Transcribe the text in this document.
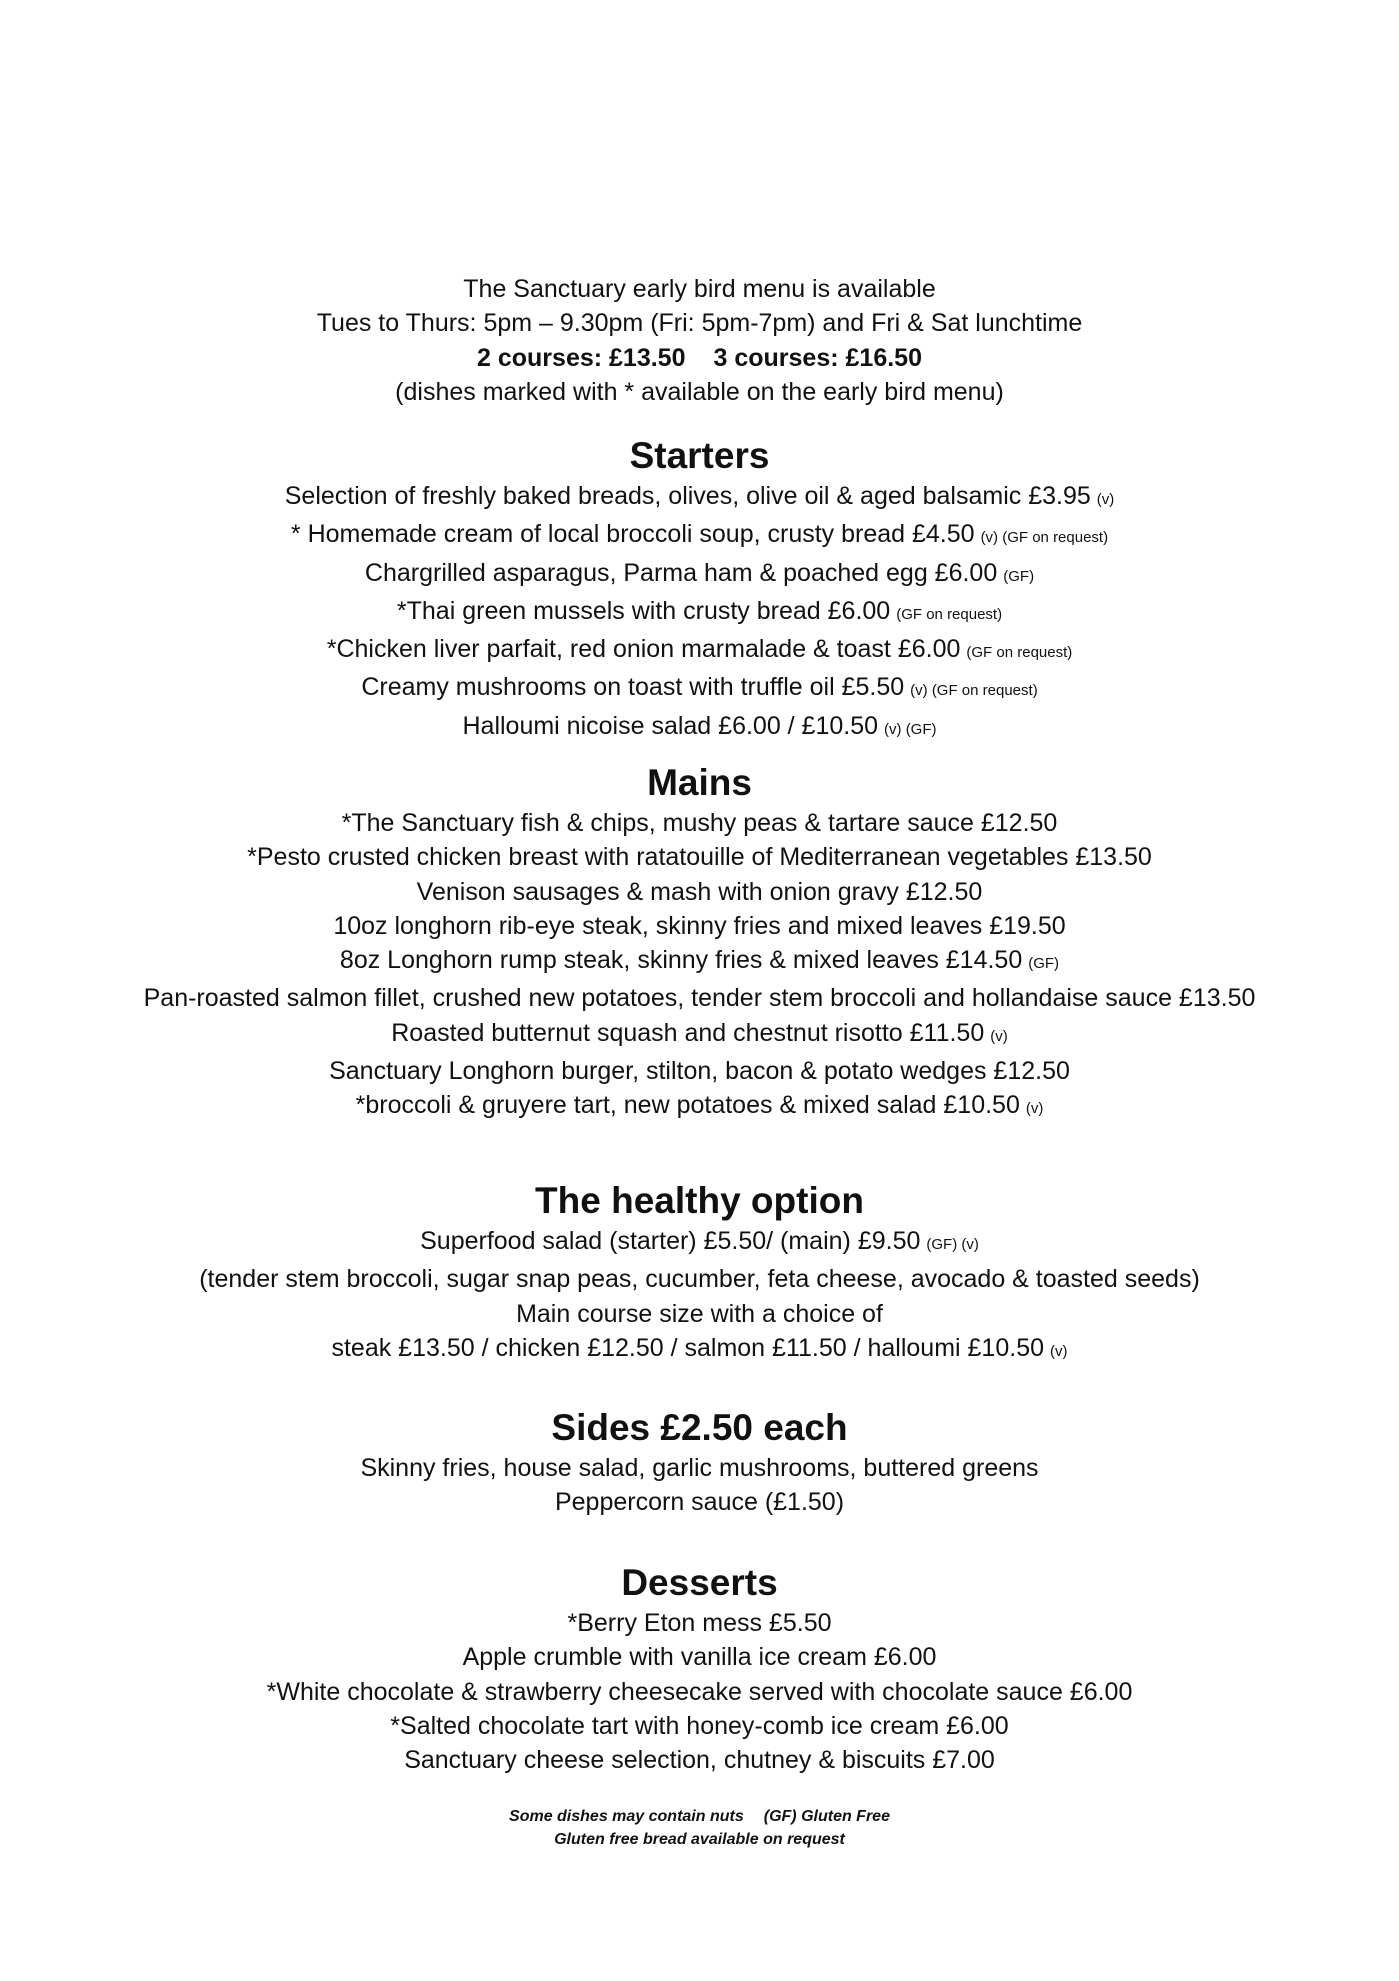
The Sanctuary early bird menu is available
Tues to Thurs: 5pm – 9.30pm (Fri: 5pm-7pm) and Fri & Sat lunchtime
2 courses: £13.50 3 courses: £16.50
(dishes marked with * available on the early bird menu)
Starters
Selection of freshly baked breads, olives, olive oil & aged balsamic £3.95 (v)
* Homemade cream of local broccoli soup, crusty bread £4.50 (v) (GF on request)
Chargrilled asparagus, Parma ham & poached egg £6.00 (GF)
*Thai green mussels with crusty bread £6.00 (GF on request)
*Chicken liver parfait, red onion marmalade & toast £6.00 (GF on request)
Creamy mushrooms on toast with truffle oil £5.50 (v) (GF on request)
Halloumi nicoise salad £6.00 / £10.50 (v) (GF)
Mains
*The Sanctuary fish & chips, mushy peas & tartare sauce £12.50
*Pesto crusted chicken breast with ratatouille of Mediterranean vegetables £13.50
Venison sausages & mash with onion gravy £12.50
10oz longhorn rib-eye steak, skinny fries and mixed leaves £19.50
8oz Longhorn rump steak, skinny fries & mixed leaves £14.50 (GF)
Pan-roasted salmon fillet, crushed new potatoes, tender stem broccoli and hollandaise sauce £13.50
Roasted butternut squash and chestnut risotto £11.50 (v)
Sanctuary Longhorn burger, stilton, bacon & potato wedges £12.50
*broccoli & gruyere tart, new potatoes & mixed salad £10.50 (v)
The healthy option
Superfood salad (starter) £5.50/ (main) £9.50 (GF) (v)
(tender stem broccoli, sugar snap peas, cucumber, feta cheese, avocado & toasted seeds)
Main course size with a choice of
steak £13.50 / chicken £12.50 / salmon £11.50 / halloumi £10.50 (v)
Sides £2.50 each
Skinny fries, house salad, garlic mushrooms, buttered greens
Peppercorn sauce (£1.50)
Desserts
*Berry Eton mess £5.50
Apple crumble with vanilla ice cream £6.00
*White chocolate & strawberry cheesecake served with chocolate sauce £6.00
*Salted chocolate tart with honey-comb ice cream £6.00
Sanctuary cheese selection, chutney & biscuits £7.00
Some dishes may contain nuts (GF) Gluten Free
Gluten free bread available on request
